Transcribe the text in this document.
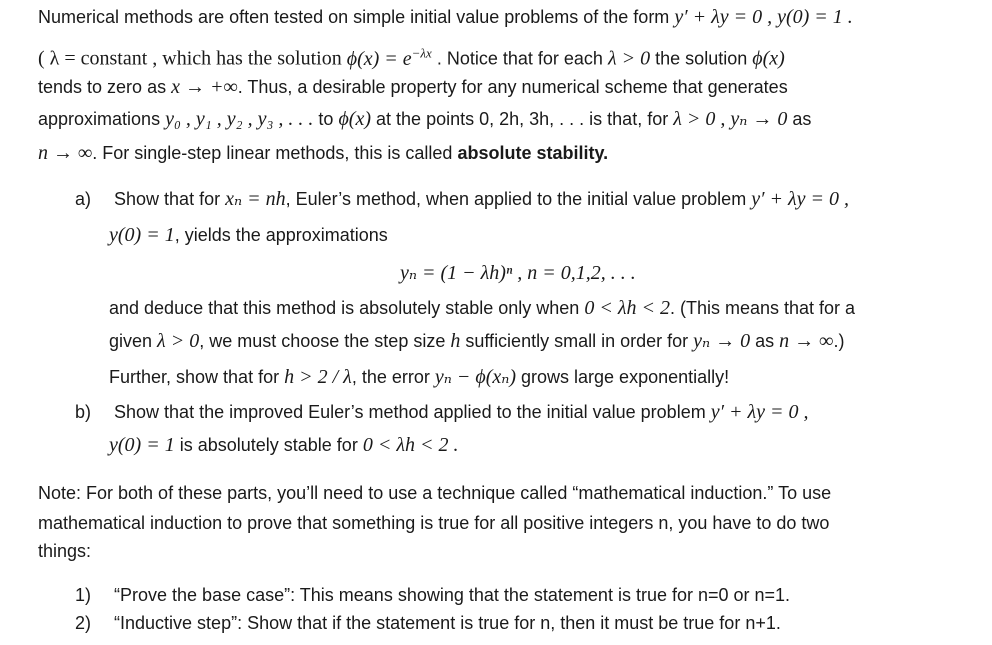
Numerical methods are often tested on simple initial value problems of the form y′ + λy = 0 , y(0) = 1 .
( λ = constant , which has the solution $\phi(x) = e^{-\lambda x}$ . Notice that for each λ > 0 the solution ϕ(x)
tends to zero as x → +∞. Thus, a desirable property for any numerical scheme that generates
approximations y₀ , y₁ , y₂ , y₃ , . . . to ϕ(x) at the points 0, 2h, 3h, . . . is that, for λ > 0 , yₙ → 0 as
n → ∞. For single-step linear methods, this is called absolute stability.
a) Show that for xₙ = nh, Euler’s method, when applied to the initial value problem y′ + λy = 0 ,
y(0) = 1, yields the approximations
yₙ = (1 − λh)ⁿ , n = 0,1,2, . . .
and deduce that this method is absolutely stable only when 0 < λh < 2. (This means that for a
given λ > 0, we must choose the step size h sufficiently small in order for yₙ → 0 as n → ∞.)
Further, show that for h > 2 / λ, the error yₙ − ϕ(xₙ) grows large exponentially!
b) Show that the improved Euler’s method applied to the initial value problem y′ + λy = 0 ,
y(0) = 1 is absolutely stable for 0 < λh < 2 .
Note: For both of these parts, you’ll need to use a technique called “mathematical induction.” To use
mathematical induction to prove that something is true for all positive integers n, you have to do two
things:
1) “Prove the base case”: This means showing that the statement is true for n=0 or n=1.
2) “Inductive step”: Show that if the statement is true for n, then it must be true for n+1.
